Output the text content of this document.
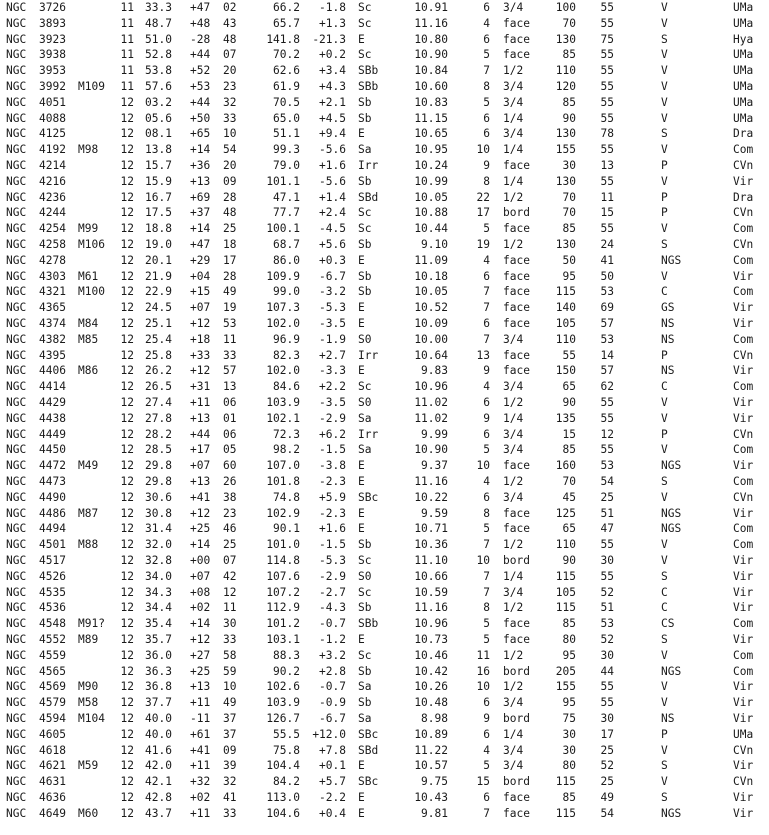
NGC	3726	11 33.3 +47	02	66.2	-1.8 Sc	10.91	6 3/4	100	55	V	UMa
NGC	3893	11 48.7 +48	43	65.7	+1.3 Sc	11.16	4 face	70	55	V	UMa
NGC	3923	11 51.0 -28	48	141.8	-21.3 E	10.80	6 face	130	75	S	Hya
NGC	3938	11 52.8 +44	07	70.2	+0.2 Sc	10.90	5 face	85	55	V	UMa
NGC	3953	11 53.8 +52	20	62.6	+3.4 SBb	10.84	7 1/2	110	55	V	UMa
NGC	3992	M109	11 57.6 +53	23	61.9	+4.3 SBb	10.60	8 3/4	120	55	V	UMa
NGC	4051	12 03.2 +44	32	70.5	+2.1 Sb	10.83	5 3/4	85	55	V	UMa
NGC	4088	12 05.6 +50	33	65.0	+4.5 Sb	11.15	6 1/4	90	55	V	UMa
NGC	4125	12 08.1 +65	10	51.1	+9.4 E	10.65	6 3/4	130	78	S	Dra
NGC	4192	M98	12 13.8 +14	54	99.3	-5.6 Sa	10.95	10 1/4	155	55	V	Com
NGC	4214	12 15.7 +36	20	79.0	+1.6 Irr	10.24	9 face	30	13	P	CVn
NGC	4216	12 15.9 +13	09	101.1	-5.6 Sb	10.99	8 1/4	130	55	V	Vir
NGC	4236	12 16.7 +69	28	47.1	+1.4 SBd	10.05	22 1/2	70	11	P	Dra
NGC	4244	12 17.5 +37	48	77.7	+2.4 Sc	10.88	17 bord	70	15	P	CVn
NGC	4254	M99	12 18.8 +14	25	100.1	-4.5 Sc	10.44	5 face	85	55	V	Com
NGC	4258	M106	12 19.0 +47	18	68.7	+5.6 Sb	9.10	19 1/2	130	24	S	CVn
NGC	4278	12 20.1 +29	17	86.0	+0.3 E	11.09	4 face	50	41	NGS	Com
NGC	4303	M61	12 21.9 +04	28	109.9	-6.7 Sb	10.18	6 face	95	50	V	Vir
NGC	4321	M100	12 22.9 +15	49	99.0	-3.2 Sb	10.05	7 face	115	53	C	Com
NGC	4365	12 24.5 +07	19	107.3	-5.3 E	10.52	7 face	140	69	GS	Vir
NGC	4374	M84	12 25.1 +12	53	102.0	-3.5 E	10.09	6 face	105	57	NS	Vir
NGC	4382	M85	12 25.4 +18	11	96.9	-1.9 S0	10.00	7 3/4	110	53	NS	Com
NGC	4395	12 25.8 +33	33	82.3	+2.7 Irr	10.64	13 face	55	14	P	CVn
NGC	4406	M86	12 26.2 +12	57	102.0	-3.3 E	9.83	9 face	150	57	NS	Vir
NGC	4414	12 26.5 +31	13	84.6	+2.2 Sc	10.96	4 3/4	65	62	C	Com
NGC	4429	12 27.4 +11	06	103.9	-3.5 S0	11.02	6 1/2	90	55	V	Vir
NGC	4438	12 27.8 +13	01	102.1	-2.9 Sa	11.02	9 1/4	135	55	V	Vir
NGC	4449	12 28.2 +44	06	72.3	+6.2 Irr	9.99	6 3/4	15	12	P	CVn
NGC	4450	12 28.5 +17	05	98.2	-1.5 Sa	10.90	5 3/4	85	55	V	Com
NGC	4472	M49	12 29.8 +07	60	107.0	-3.8 E	9.37	10 face	160	53	NGS	Vir
NGC	4473	12 29.8 +13	26	101.8	-2.3 E	11.16	4 1/2	70	54	S	Com
NGC	4490	12 30.6 +41	38	74.8	+5.9 SBc	10.22	6 3/4	45	25	V	CVn
NGC	4486	M87	12 30.8 +12	23	102.9	-2.3 E	9.59	8 face	125	51	NGS	Vir
NGC	4494	12 31.4 +25	46	90.1	+1.6 E	10.71	5 face	65	47	NGS	Com
NGC	4501	M88	12 32.0 +14	25	101.0	-1.5 Sb	10.36	7 1/2	110	55	V	Com
NGC	4517	12 32.8 +00	07	114.8	-5.3 Sc	11.10	10 bord	90	30	V	Vir
NGC	4526	12 34.0 +07	42	107.6	-2.9 S0	10.66	7 1/4	115	55	S	Vir
NGC	4535	12 34.3 +08	12	107.2	-2.7 Sc	10.59	7 3/4	105	52	C	Vir
NGC	4536	12 34.4 +02	11	112.9	-4.3 Sb	11.16	8 1/2	115	51	C	Vir
NGC	4548	M91?	12 35.4 +14	30	101.2	-0.7 SBb	10.96	5 face	85	53	CS	Com
NGC	4552	M89	12 35.7 +12	33	103.1	-1.2 E	10.73	5 face	80	52	S	Vir
NGC	4559	12 36.0 +27	58	88.3	+3.2 Sc	10.46	11 1/2	95	30	V	Com
NGC	4565	12 36.3 +25	59	90.2	+2.8 Sb	10.42	16 bord	205	44	NGS	Com
NGC	4569	M90	12 36.8 +13	10	102.6	-0.7 Sa	10.26	10 1/2	155	55	V	Vir
NGC	4579	M58	12 37.7 +11	49	103.9	-0.9 Sb	10.48	6 3/4	95	55	V	Vir
NGC	4594	M104	12 40.0 -11	37	126.7	-6.7 Sa	8.98	9 bord	75	30	NS	Vir
NGC	4605	12 40.0 +61	37	55.5	+12.0 SBc	10.89	6 1/4	30	17	P	UMa
NGC	4618	12 41.6 +41	09	75.8	+7.8 SBd	11.22	4 3/4	30	25	V	CVn
NGC	4621	M59	12 42.0 +11	39	104.4	+0.1 E	10.57	5 3/4	80	52	S	Vir
NGC	4631	12 42.1 +32	32	84.2	+5.7 SBc	9.75	15 bord	115	25	V	CVn
NGC	4636	12 42.8 +02	41	113.0	-2.2 E	10.43	6 face	85	49	S	Vir
NGC	4649	M60	12 43.7 +11	33	104.6	+0.4 E	9.81	7 face	115	54	NGS	Vir
